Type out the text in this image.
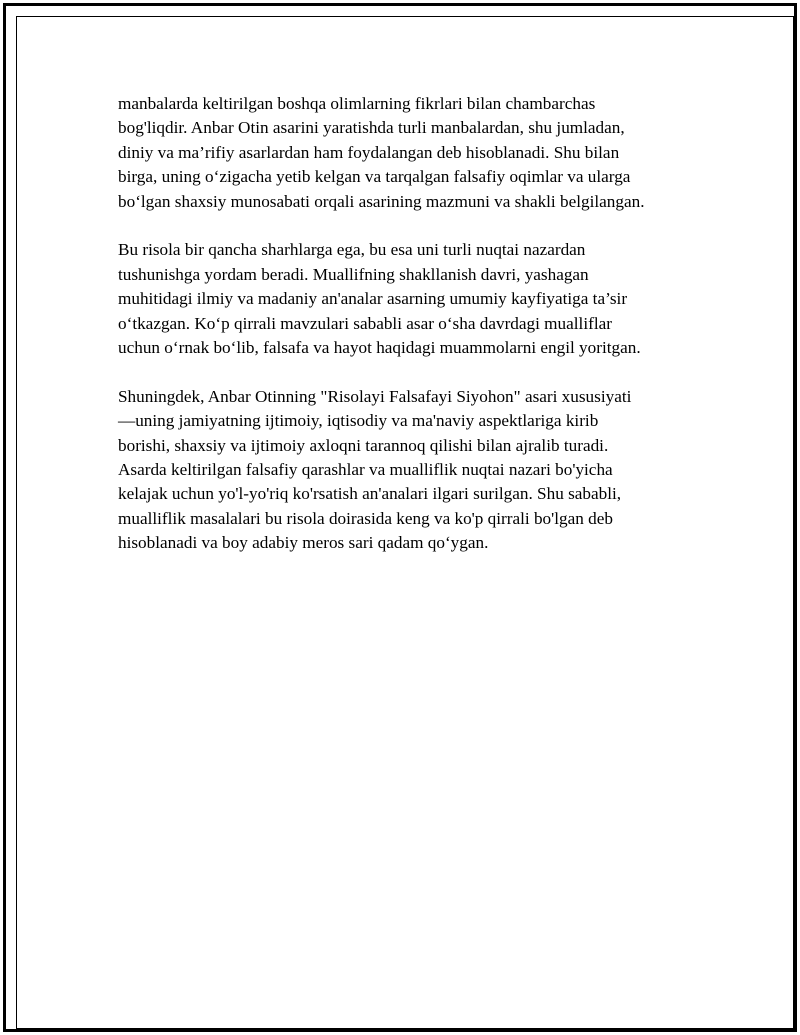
manbalarda keltirilgan boshqa olimlarning fikrlari bilan chambarchas
bog'liqdir. Anbar Otin asarini yaratishda turli manbalardan, shu jumladan,
diniy va ma’rifiy asarlardan ham foydalangan deb hisoblanadi. Shu bilan
birga, uning oʻzigacha yetib kelgan va tarqalgan falsafiy oqimlar va ularga
boʻlgan shaxsiy munosabati orqali asarining mazmuni va shakli belgilangan.

Bu risola bir qancha sharhlarga ega, bu esa uni turli nuqtai nazardan
tushunishga yordam beradi. Muallifning shakllanish davri, yashagan
muhitidagi ilmiy va madaniy an'analar asarning umumiy kayfiyatiga ta’sir
oʻtkazgan. Koʻp qirrali mavzulari sababli asar oʻsha davrdagi mualliflar
uchun oʻrnak boʻlib, falsafa va hayot haqidagi muammolarni engil yoritgan.

Shuningdek, Anbar Otinning "Risolayi Falsafayi Siyohon" asari xususiyati
—uning jamiyatning ijtimoiy, iqtisodiy va ma'naviy aspektlariga kirib
borishi, shaxsiy va ijtimoiy axloqni tarannoq qilishi bilan ajralib turadi.
Asarda keltirilgan falsafiy qarashlar va mualliflik nuqtai nazari bo'yicha
kelajak uchun yo'l-yo'riq ko'rsatish an'analari ilgari surilgan. Shu sababli,
mualliflik masalalari bu risola doirasida keng va ko'p qirrali bo'lgan deb
hisoblanadi va boy adabiy meros sari qadam qoʻygan.
